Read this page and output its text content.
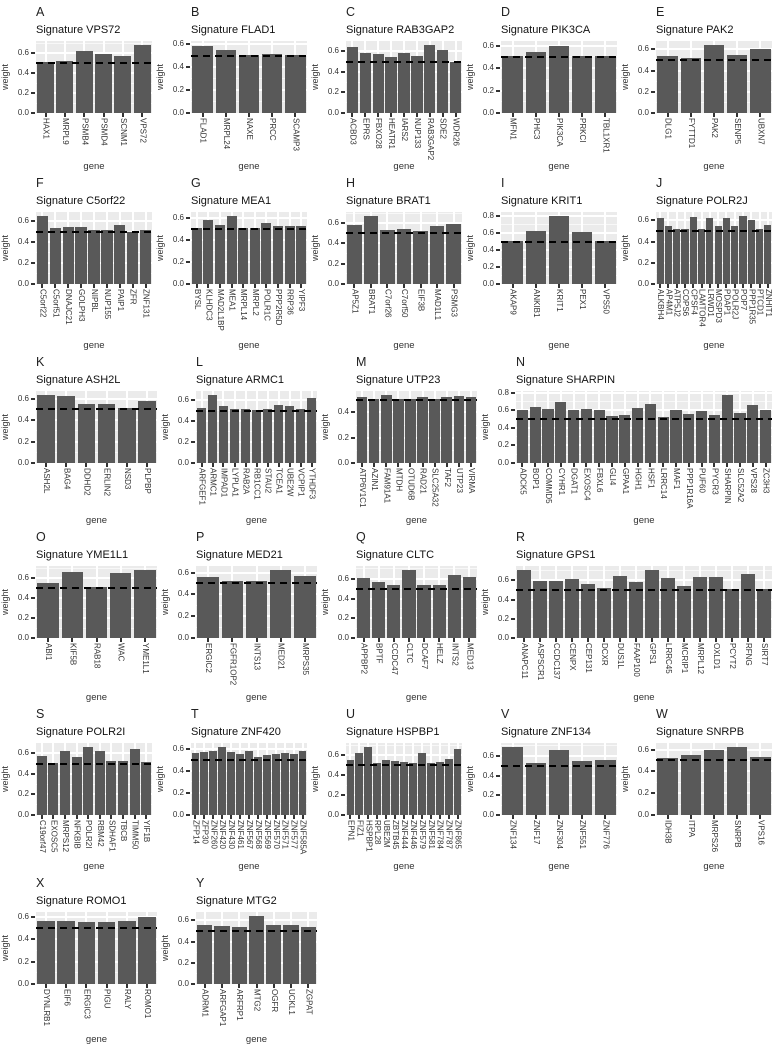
A
Signature VPS72
weight
0.0
0.2
0.4
0.6
HAX1 MRPL9 PSMB4 PSMD4 SCNM1 VPS72
gene
B
Signature FLAD1
weight
0.0
0.2
0.4
0.6
FLAD1 MRPL24 NAXE PRCC SCAMP3
gene
C
Signature RAB3GAP2
weight
0.0
0.2
0.4
0.6
ACBD3 EPRS FBXO28 HEATR1 IARS2 NUP133 RAB3GAP2 SDE2 WDR26
gene
D
Signature PIK3CA
weight
0.0
0.2
0.4
0.6
MFN1 PHC3 PIK3CA PRKCI TBL1XR1
gene
E
Signature PAK2
weight
0.0
0.2
0.4
0.6
DLG1 FYTTD1 PAK2 SENP5 UBXN7
gene
F
Signature C5orf22
weight
0.0
0.2
0.4
0.6
C5orf22 C5orf51 DNAJC21 GOLPH3 NIPBL NUP155 PAIP1 ZFR ZNF131
gene
G
Signature MEA1
weight
0.0
0.2
0.4
0.6
BYSL KLHDC3 MAD2L1BP MEA1 MRPL14 MRPL2 POLR1C PPP2R5D RRP36 YIPF3
gene
H
Signature BRAT1
weight
0.0
0.2
0.4
0.6
AP5Z1 BRAT1 C7orf26 C7orf50 EIF3B MAD1L1 PSMG3
gene
I
Signature KRIT1
weight
0.0
0.2
0.4
0.6
0.8
AKAP9 ANKIB1 KRIT1 PEX1 VPS50
gene
J
Signature POLR2J
weight
0.0
0.2
0.4
0.6
ALKBH4 AP4M1 ATP5J2 COPS6 CPSF4 LAMTOR4 LRWD1 MOSPD3 PDAP1 POLR2J POP7 PPP1R35 PTCD1 ZNHIT1
gene
K
Signature ASH2L
weight
0.0
0.2
0.4
0.6
ASH2L BAG4 DDHD2 ERLIN2 NSD3 PLPBP
gene
L
Signature ARMC1
weight
0.0
0.2
0.4
0.6
ARFGEF1 ARMC1 IMPAD1 LYPLA1 RAB2A RB1CC1 STAU2 TCEA1 UBE2W VCPIP1 YTHDF3
gene
M
Signature UTP23
weight
0.0
0.2
0.4
ATP6V1C1 AZIN1 FAM91A1 MTDH OTUD6B RAD21 SLC25A32 TAF2 UTP23 VIRMA
gene
N
Signature SHARPIN
weight
0.0
0.2
0.4
0.6
0.8
ADCK5 BOP1 COMMD5 CYHR1 DGAT1 EXOSC4 FBXL6 GLI4 GPAA1 HGH1 HSF1 LRRC14 MAF1 PPP1R16A PUF60 PYCR3 SHARPIN SLC52A2 VPS28 ZC3H3
gene
O
Signature YME1L1
weight
0.0
0.2
0.4
0.6
ABI1 KIF5B RAB18 WAC YME1L1
gene
P
Signature MED21
weight
0.0
0.2
0.4
0.6
ERGIC2 FGFR1OP2 INTS13 MED21 MRPS35
gene
Q
Signature CLTC
weight
0.0
0.2
0.4
0.6
APPBP2 BPTF CCDC47 CLTC DCAF7 HELZ INTS2 MED13
gene
R
Signature GPS1
weight
0.0
0.2
0.4
0.6
ANAPC11 ASPSCR1 CCDC137 CENPX CEP131 DCXR DUS1L FAAP100 GPS1 LRRC45 MCRIP1 MRPL12 OXLD1 PCYT2 RFNG SIRT7
gene
S
Signature POLR2I
weight
0.0
0.2
0.4
0.6
C19orf47 EXOSC5 MRPS12 NFKBIB POLR2I RBM42 SDHAF1 TBCB TIMM50 YIF1B
gene
T
Signature ZNF420
weight
0.0
0.2
0.4
0.6
ZFP14 ZFP30 ZNF260 ZNF420 ZNF430 ZNF461 ZNF567 ZNF568 ZNF569 ZNF570 ZNF571 ZNF577 ZNF585A
gene
U
Signature HSPBP1
weight
0.0
0.2
0.4
0.6
EPN1 FIZ1 HSPBP1 RPL28 UBE2M ZBTB45 ZNF444 ZNF446 ZNF579 ZNF581 ZNF784 ZNF787 ZNF865
gene
V
Signature ZNF134
weight
0.0
0.2
0.4
0.6
ZNF134 ZNF17 ZNF304 ZNF551 ZNF776
gene
W
Signature SNRPB
weight
0.0
0.2
0.4
0.6
IDH3B ITPA MRPS26 SNRPB VPS16
gene
X
Signature ROMO1
weight
0.0
0.2
0.4
0.6
DYNLRB1 EIF6 ERGIC3 PIGU RALY ROMO1
gene
Y
Signature MTG2
weight
0.0
0.2
0.4
0.6
ADRM1 ARFGAP1 ARFRP1 MTG2 OGFR UCKL1 ZGPAT
gene
